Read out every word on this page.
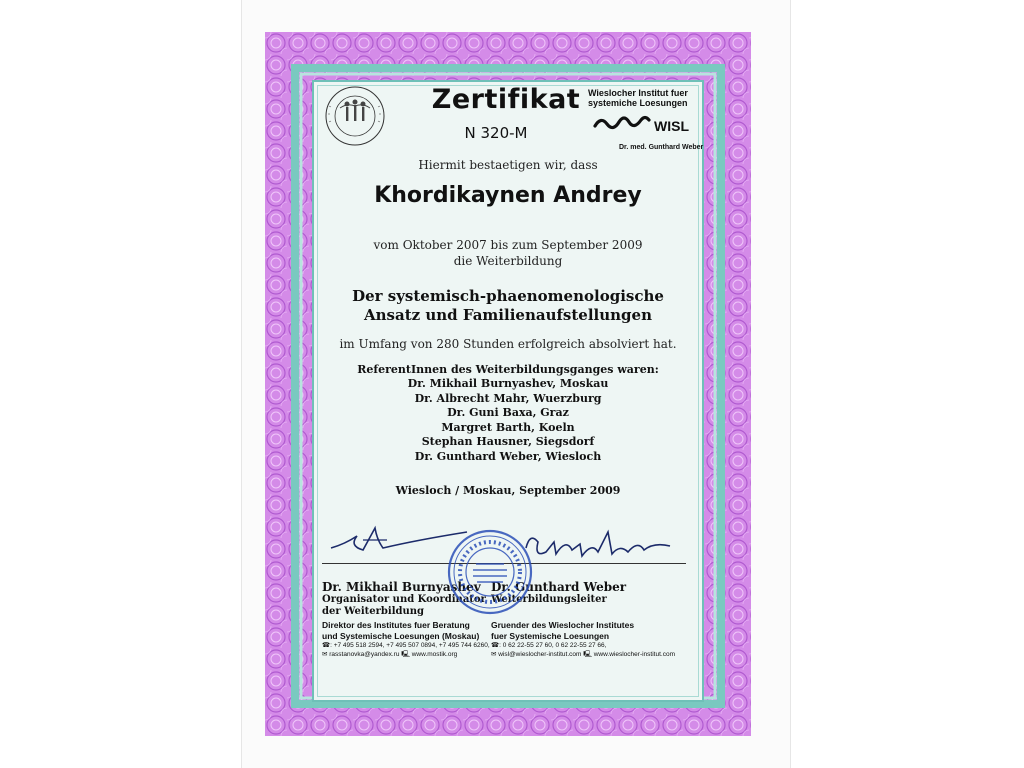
Zertifikat
N 320-M
Wieslocher Institut fuer
systemiche Loesungen
WISL
Dr. med. Gunthard Weber
Hiermit bestaetigen wir, dass
Khordikaynen Andrey
vom Oktober 2007 bis zum September 2009
die Weiterbildung
Der systemisch-phaenomenologische
Ansatz und Familienaufstellungen
im Umfang von 280 Stunden erfolgreich absolviert hat.
ReferentInnen des Weiterbildungsganges waren:
Dr. Mikhail Burnyashev, Moskau
Dr. Albrecht Mahr, Wuerzburg
Dr. Guni Baxa, Graz
Margret Barth, Koeln
Stephan Hausner, Siegsdorf
Dr. Gunthard Weber, Wiesloch
Wiesloch / Moskau, September 2009
Dr. Mikhail Burnyashev
Organisator und Koordinator
der Weiterbildung
Direktor des Institutes fuer Beratung
und Systemische Loesungen (Moskau)
☎: +7 495 518 2594, +7 495 507 0894, +7 495 744 6260,
✉ rasstanovka@yandex.ru 🖳 www.mostik.org
Dr. Gunthard Weber
Weiterbildungsleiter
Gruender des Wieslocher Institutes
fuer Systemische Loesungen
☎: 0 62 22-55 27 60, 0 62 22-55 27 66,
✉ wisl@wieslocher-institut.com 🖳 www.wieslocher-institut.com
